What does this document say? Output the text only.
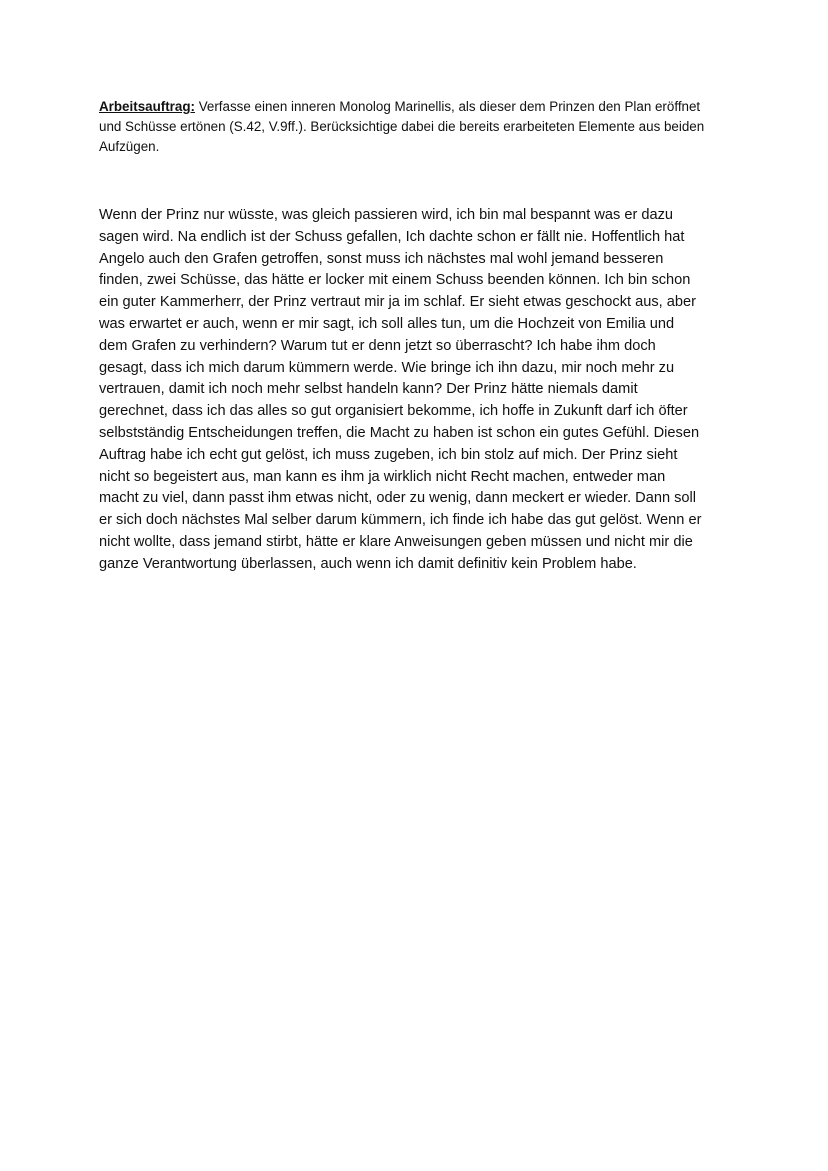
Arbeitsauftrag: Verfasse einen inneren Monolog Marinellis, als dieser dem Prinzen den Plan eröffnet
und Schüsse ertönen (S.42, V.9ff.). Berücksichtige dabei die bereits erarbeiteten Elemente aus beiden
Aufzügen.

Wenn der Prinz nur wüsste, was gleich passieren wird, ich bin mal bespannt was er dazu
sagen wird. Na endlich ist der Schuss gefallen, Ich dachte schon er fällt nie. Hoffentlich hat
Angelo auch den Grafen getroffen, sonst muss ich nächstes mal wohl jemand besseren
finden, zwei Schüsse, das hätte er locker mit einem Schuss beenden können. Ich bin schon
ein guter Kammerherr, der Prinz vertraut mir ja im schlaf. Er sieht etwas geschockt aus, aber
was erwartet er auch, wenn er mir sagt, ich soll alles tun, um die Hochzeit von Emilia und
dem Grafen zu verhindern? Warum tut er denn jetzt so überrascht? Ich habe ihm doch
gesagt, dass ich mich darum kümmern werde. Wie bringe ich ihn dazu, mir noch mehr zu
vertrauen, damit ich noch mehr selbst handeln kann? Der Prinz hätte niemals damit
gerechnet, dass ich das alles so gut organisiert bekomme, ich hoffe in Zukunft darf ich öfter
selbstständig Entscheidungen treffen, die Macht zu haben ist schon ein gutes Gefühl. Diesen
Auftrag habe ich echt gut gelöst, ich muss zugeben, ich bin stolz auf mich. Der Prinz sieht
nicht so begeistert aus, man kann es ihm ja wirklich nicht Recht machen, entweder man
macht zu viel, dann passt ihm etwas nicht, oder zu wenig, dann meckert er wieder. Dann soll
er sich doch nächstes Mal selber darum kümmern, ich finde ich habe das gut gelöst. Wenn er
nicht wollte, dass jemand stirbt, hätte er klare Anweisungen geben müssen und nicht mir die
ganze Verantwortung überlassen, auch wenn ich damit definitiv kein Problem habe.
